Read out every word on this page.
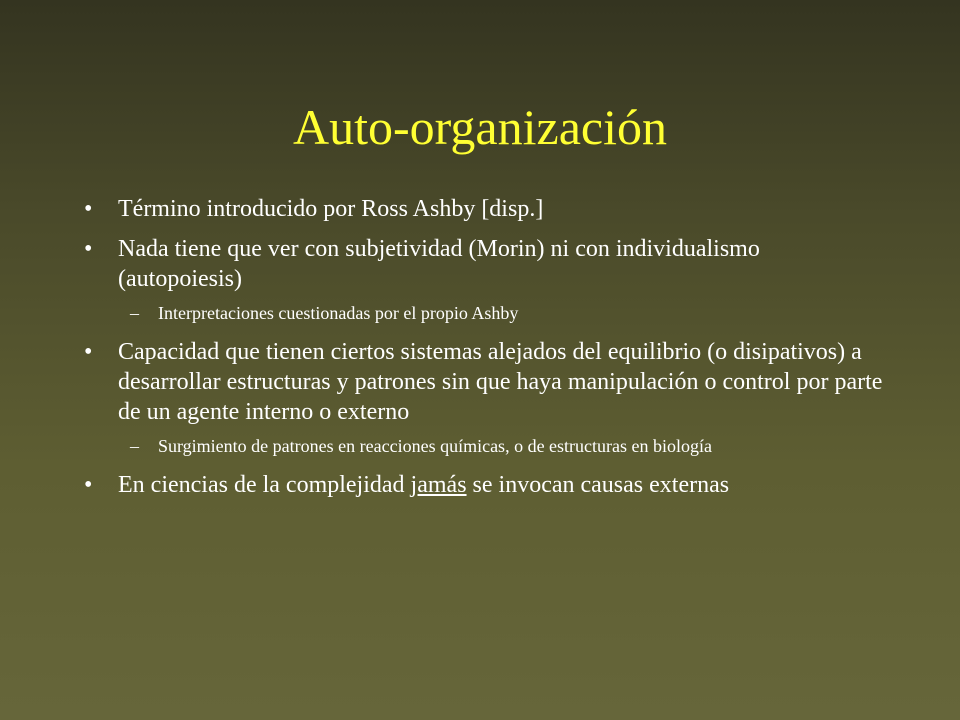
Auto-organización
•	Término introducido por Ross Ashby [disp.]
•	Nada tiene que ver con subjetividad (Morin) ni con individualismo (autopoiesis)
– Interpretaciones cuestionadas por el propio Ashby
•	Capacidad que tienen ciertos sistemas alejados del equilibrio (o disipativos) a desarrollar estructuras y patrones sin que haya manipulación o control por parte de un agente interno o externo
– Surgimiento de patrones en reacciones químicas, o de estructuras en biología
•	En ciencias de la complejidad jamás se invocan causas externas
